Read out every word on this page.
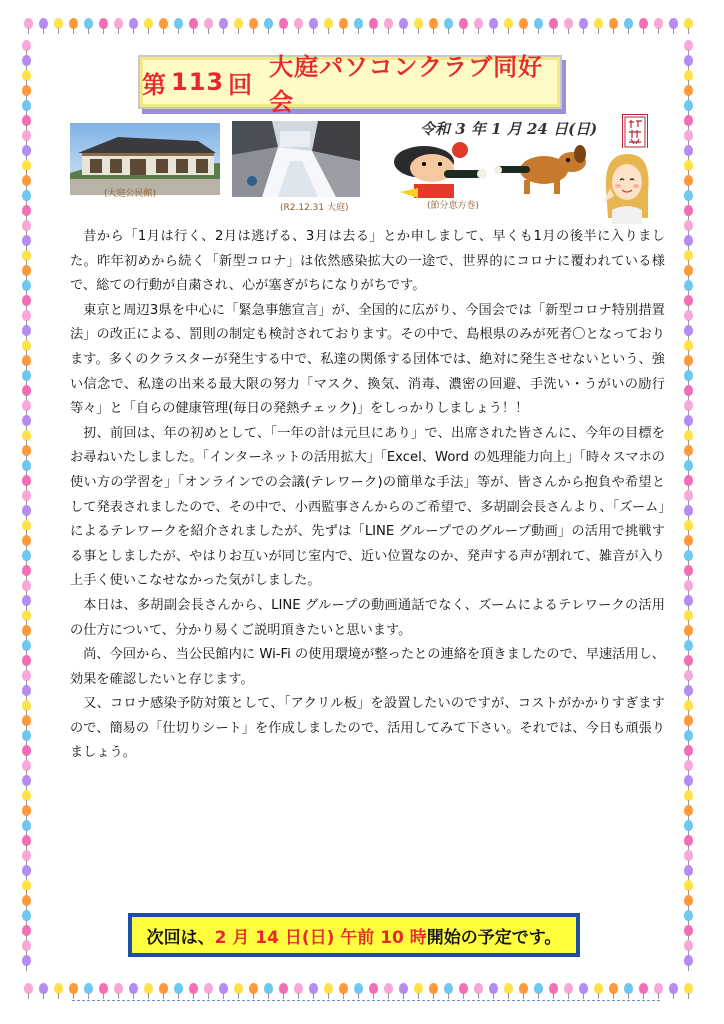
第 113 回
大庭パソコンクラブ同好会
令和 3 年 1 月 24 日(日)
(大庭公民館)
(R2.12.31 大庭)	(節分恵方巻)

昔から「1月は行く、2月は逃げる、3月は去る」とか申しまして、早くも1月の後半に入りました。昨年初めから続く「新型コロナ」は依然感染拡大の一途で、世界的にコロナに覆われている様で、総ての行動が自粛され、心が塞ぎがちになりがちです。

東京と周辺3県を中心に「緊急事態宣言」が、全国的に広がり、今国会では「新型コロナ特別措置法」の改正による、罰則の制定も検討されております。その中で、島根県のみが死者〇となっております。多くのクラスターが発生する中で、私達の関係する団体では、絶対に発生させないという、強い信念で、私達の出来る最大限の努力「マスク、換気、消毒、濃密の回避、手洗い・うがいの励行等々」と「自らの健康管理(毎日の発熱チェック)」をしっかりしましょう！！

扨、前回は、年の初めとして、「一年の計は元旦にあり」で、出席された皆さんに、今年の目標をお尋ねいたしました。「インターネットの活用拡大」「Excel、Word の処理能力向上」「時々スマホの使い方の学習を」「オンラインでの会議(テレワーク)の簡単な手法」等が、皆さんから抱負や希望として発表されましたので、その中で、小西監事さんからのご希望で、多胡副会長さんより、「ズーム」によるテレワークを紹介されましたが、先ずは「LINE グループでのグループ動画」の活用で挑戦する事としましたが、やはりお互いが同じ室内で、近い位置なのか、発声する声が割れて、雑音が入り上手く使いこなせなかった気がしました。

本日は、多胡副会長さんから、LINE グループの動画通話でなく、ズームによるテレワークの活用の仕方について、分かり易くご説明頂きたいと思います。

尚、今回から、当公民館内に Wi-Fi の使用環境が整ったとの連絡を頂きましたので、早速活用し、効果を確認したいと存じます。

又、コロナ感染予防対策として、「アクリル板」を設置したいのですが、コストがかかりすぎますので、簡易の「仕切りシート」を作成しましたので、活用してみて下さい。それでは、今日も頑張りましょう。

次回は、 2 月 14 日(日) 午前 10 時 開始の予定です。
